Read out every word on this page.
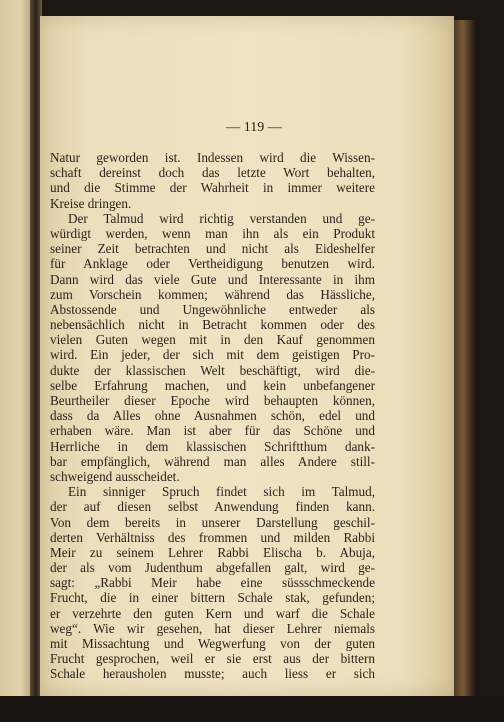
— 119 —
Natur geworden ist. Indessen wird die Wissen-
schaft dereinst doch das letzte Wort behalten,
und die Stimme der Wahrheit in immer weitere
Kreise dringen.
Der Talmud wird richtig verstanden und ge-
würdigt werden, wenn man ihn als ein Produkt
seiner Zeit betrachten und nicht als Eideshelfer
für Anklage oder Vertheidigung benutzen wird.
Dann wird das viele Gute und Interessante in ihm
zum Vorschein kommen; während das Hässliche,
Abstossende und Ungewöhnliche entweder als
nebensächlich nicht in Betracht kommen oder des
vielen Guten wegen mit in den Kauf genommen
wird. Ein jeder, der sich mit dem geistigen Pro-
dukte der klassischen Welt beschäftigt, wird die-
selbe Erfahrung machen, und kein unbefangener
Beurtheiler dieser Epoche wird behaupten können,
dass da Alles ohne Ausnahmen schön, edel und
erhaben wäre. Man ist aber für das Schöne und
Herrliche in dem klassischen Schriftthum dank-
bar empfänglich, während man alles Andere still-
schweigend ausscheidet.
Ein sinniger Spruch findet sich im Talmud,
der auf diesen selbst Anwendung finden kann.
Von dem bereits in unserer Darstellung geschil-
derten Verhältniss des frommen und milden Rabbi
Meir zu seinem Lehrer Rabbi Elischa b. Abuja,
der als vom Judenthum abgefallen galt, wird ge-
sagt: „Rabbi Meir habe eine süssschmeckende
Frucht, die in einer bittern Schale stak, gefunden;
er verzehrte den guten Kern und warf die Schale
weg“. Wie wir gesehen, hat dieser Lehrer niemals
mit Missachtung und Wegwerfung von der guten
Frucht gesprochen, weil er sie erst aus der bittern
Schale herausholen musste; auch liess er sich
